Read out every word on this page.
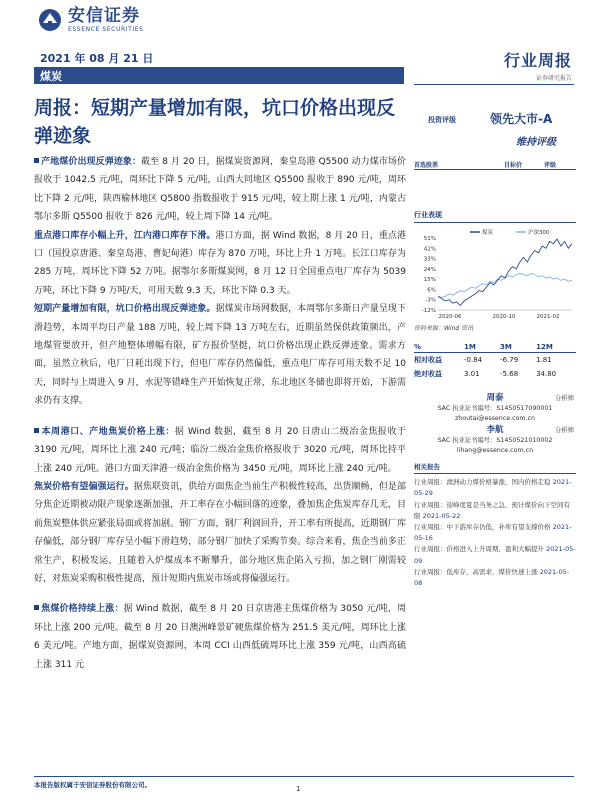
安信证券
ESSENCE SECURITIES
2021 年 08 月 21 日
煤炭
行业周报
证券研究报告
周报：短期产量增加有限，坑口价格出现反弹迹象

产地煤价出现反弹迹象：截至 8 月 20 日，据煤炭资源网，秦皇岛港 Q5500 动力煤市场价报收于 1042.5 元/吨，周环比下降 5 元/吨，山西大同地区 Q5500 报收于 890 元/吨，周环比下降 2 元/吨，陕西榆林地区 Q5800 指数报收于 915 元/吨，较上期上涨 1 元/吨，内蒙古鄂尔多斯 Q5500 报收于 826 元/吨，较上周下降 14 元/吨。

重点港口库存小幅上升，江内港口库存下滑。港口方面，据 Wind 数据，8 月 20 日，重点港口（国投京唐港、秦皇岛港、曹妃甸港）库存为 870 万吨，环比上升 1 万吨。长江口库存为 285 万吨，周环比下降 52 万吨。据鄂尔多斯煤炭网，8 月 12 日全国重点电厂库存为 5039 万吨，环比下降 9 万吨/天，可用天数 9.3 天，环比下降 0.3 天。

短期产量增加有限，坑口价格出现反弹迹象。据煤炭市场网数据，本周鄂尔多斯日产量呈现下滑趋势，本周平均日产量 188 万吨，较上周下降 13 万吨左右，近期虽然保供政策频出，产地煤管要放开，但产地整体增幅有限，矿方报价坚挺，坑口价格出现止跌反弹迹象。需求方面，虽然立秋后，电厂日耗出现下行，但电厂库存仍然偏低，重点电厂库存可用天数不足 10 天，同时与上周进入 9 月，水泥等错峰生产开始恢复正常，东北地区冬储也即将开始，下游需求仍有支撑。

本周港口、产地焦炭价格上涨：据 Wind 数据，截至 8 月 20 日唐山二级冶金焦报收于 3190 元/吨，周环比上涨 240 元/吨；临汾二级冶金焦价格报收于 3020 元/吨，周环比持平上涨 240 元/吨。港口方面天津港一级冶金焦价格为 3450 元/吨，周环比上涨 240 元/吨。

焦炭价格有望偏强运行。据焦联资讯，供给方面焦企当前生产积极性较高，出货顺畅，但是部分焦企近期被动限产现象逐渐加强，开工率存在小幅回落的迹象，叠加焦企焦炭库存几无，目前焦炭整体供应紧张局面或将加剧。钢厂方面，钢厂利润回升，开工率有所提高，近期钢厂库存偏低，部分钢厂库存呈小幅下滑趋势，部分钢厂加快了采购节奏。综合来看，焦企当前多正常生产，积极发运，且随着入炉煤成本不断攀升，部分地区焦企陷入亏损，加之钢厂刚需较好，对焦炭采购积极性提高，预计短期内焦炭市场或将偏强运行。

焦煤价格持续上涨：据 Wind 数据，截至 8 月 20 日京唐港主焦煤价格为 3050 元/吨，周环比上涨 200 元/吨。截至 8 月 20 日澳洲峰景矿硬焦煤价格为 251.5 美元/吨，周环比上涨 6 美元/吨。产地方面，据煤炭资源网，本周 CCI 山西低硫周环比上涨 359 元/吨，山西高硫上涨 311 元

投资评级	领先大市-A
维持评级

首选股票	目标价	评级
行业表现
51%
42%
33%
24%
15%
6%
-3%
-12%
2020-06	2020-10	2021-02
煤炭	沪深300
资料来源：Wind 资讯
%	1M	3M	12M
相对收益	-0.84	-6.79	1.81
绝对收益	3.01	-5.68	34.80
周泰	分析师
SAC 执业证书编号：S1450517090001
zhoutai@essence.com.cn
李航	分析师
SAC 执业证书编号：S1450521010002
lihang@essence.com.cn
相关报告
行业周报：澳洲动力煤价格暴涨，国内价格走稳 2021-05-29
行业周报：迎峰度夏是当务之急，预计煤价向下空间有限 2021-05-22
行业周报：中下游库存仍低，补库有望支撑价格 2021-05-16
行业周报：价格进入上升周期，盈利大幅提升 2021-05-09
行业周报：低库存，高需求，煤价快速上涨 2021-05-08
本报告版权属于安信证券股份有限公司。	1
